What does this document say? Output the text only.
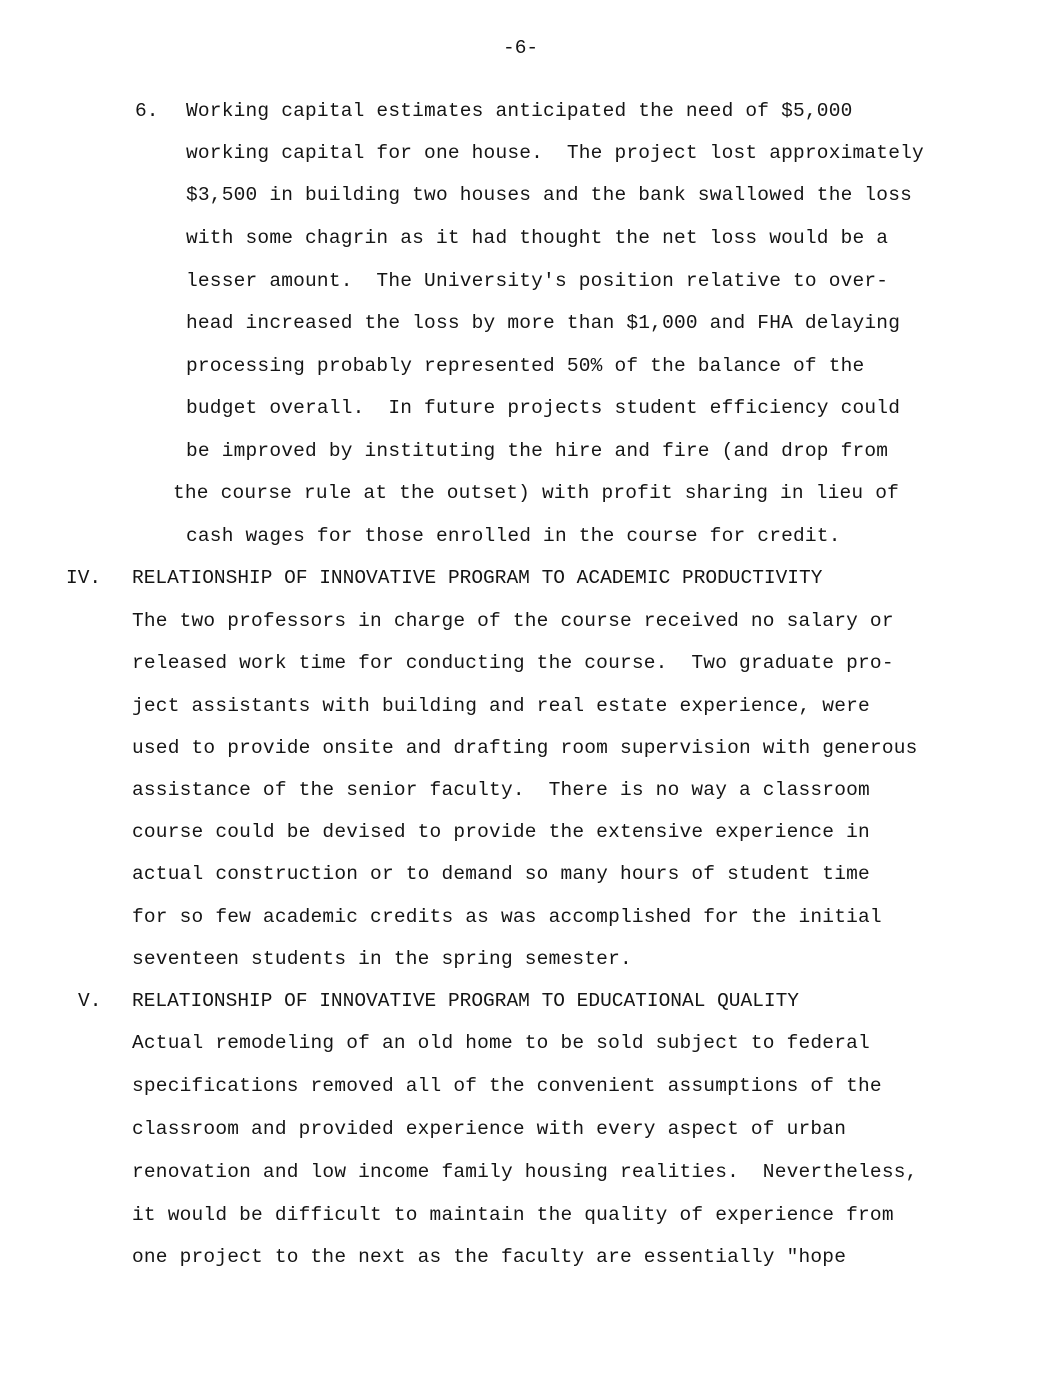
-6-
6. Working capital estimates anticipated the need of $5,000
working capital for one house.  The project lost approximately
$3,500 in building two houses and the bank swallowed the loss
with some chagrin as it had thought the net loss would be a
lesser amount.  The University's position relative to over-
head increased the loss by more than $1,000 and FHA delaying
processing probably represented 50% of the balance of the
budget overall.  In future projects student efficiency could
be improved by instituting the hire and fire (and drop from
the course rule at the outset) with profit sharing in lieu of
cash wages for those enrolled in the course for credit.
IV. RELATIONSHIP OF INNOVATIVE PROGRAM TO ACADEMIC PRODUCTIVITY
The two professors in charge of the course received no salary or
released work time for conducting the course.  Two graduate pro-
ject assistants with building and real estate experience, were
used to provide onsite and drafting room supervision with generous
assistance of the senior faculty.  There is no way a classroom
course could be devised to provide the extensive experience in
actual construction or to demand so many hours of student time
for so few academic credits as was accomplished for the initial
seventeen students in the spring semester.
V. RELATIONSHIP OF INNOVATIVE PROGRAM TO EDUCATIONAL QUALITY
Actual remodeling of an old home to be sold subject to federal
specifications removed all of the convenient assumptions of the
classroom and provided experience with every aspect of urban
renovation and low income family housing realities.  Nevertheless,
it would be difficult to maintain the quality of experience from
one project to the next as the faculty are essentially "hope
